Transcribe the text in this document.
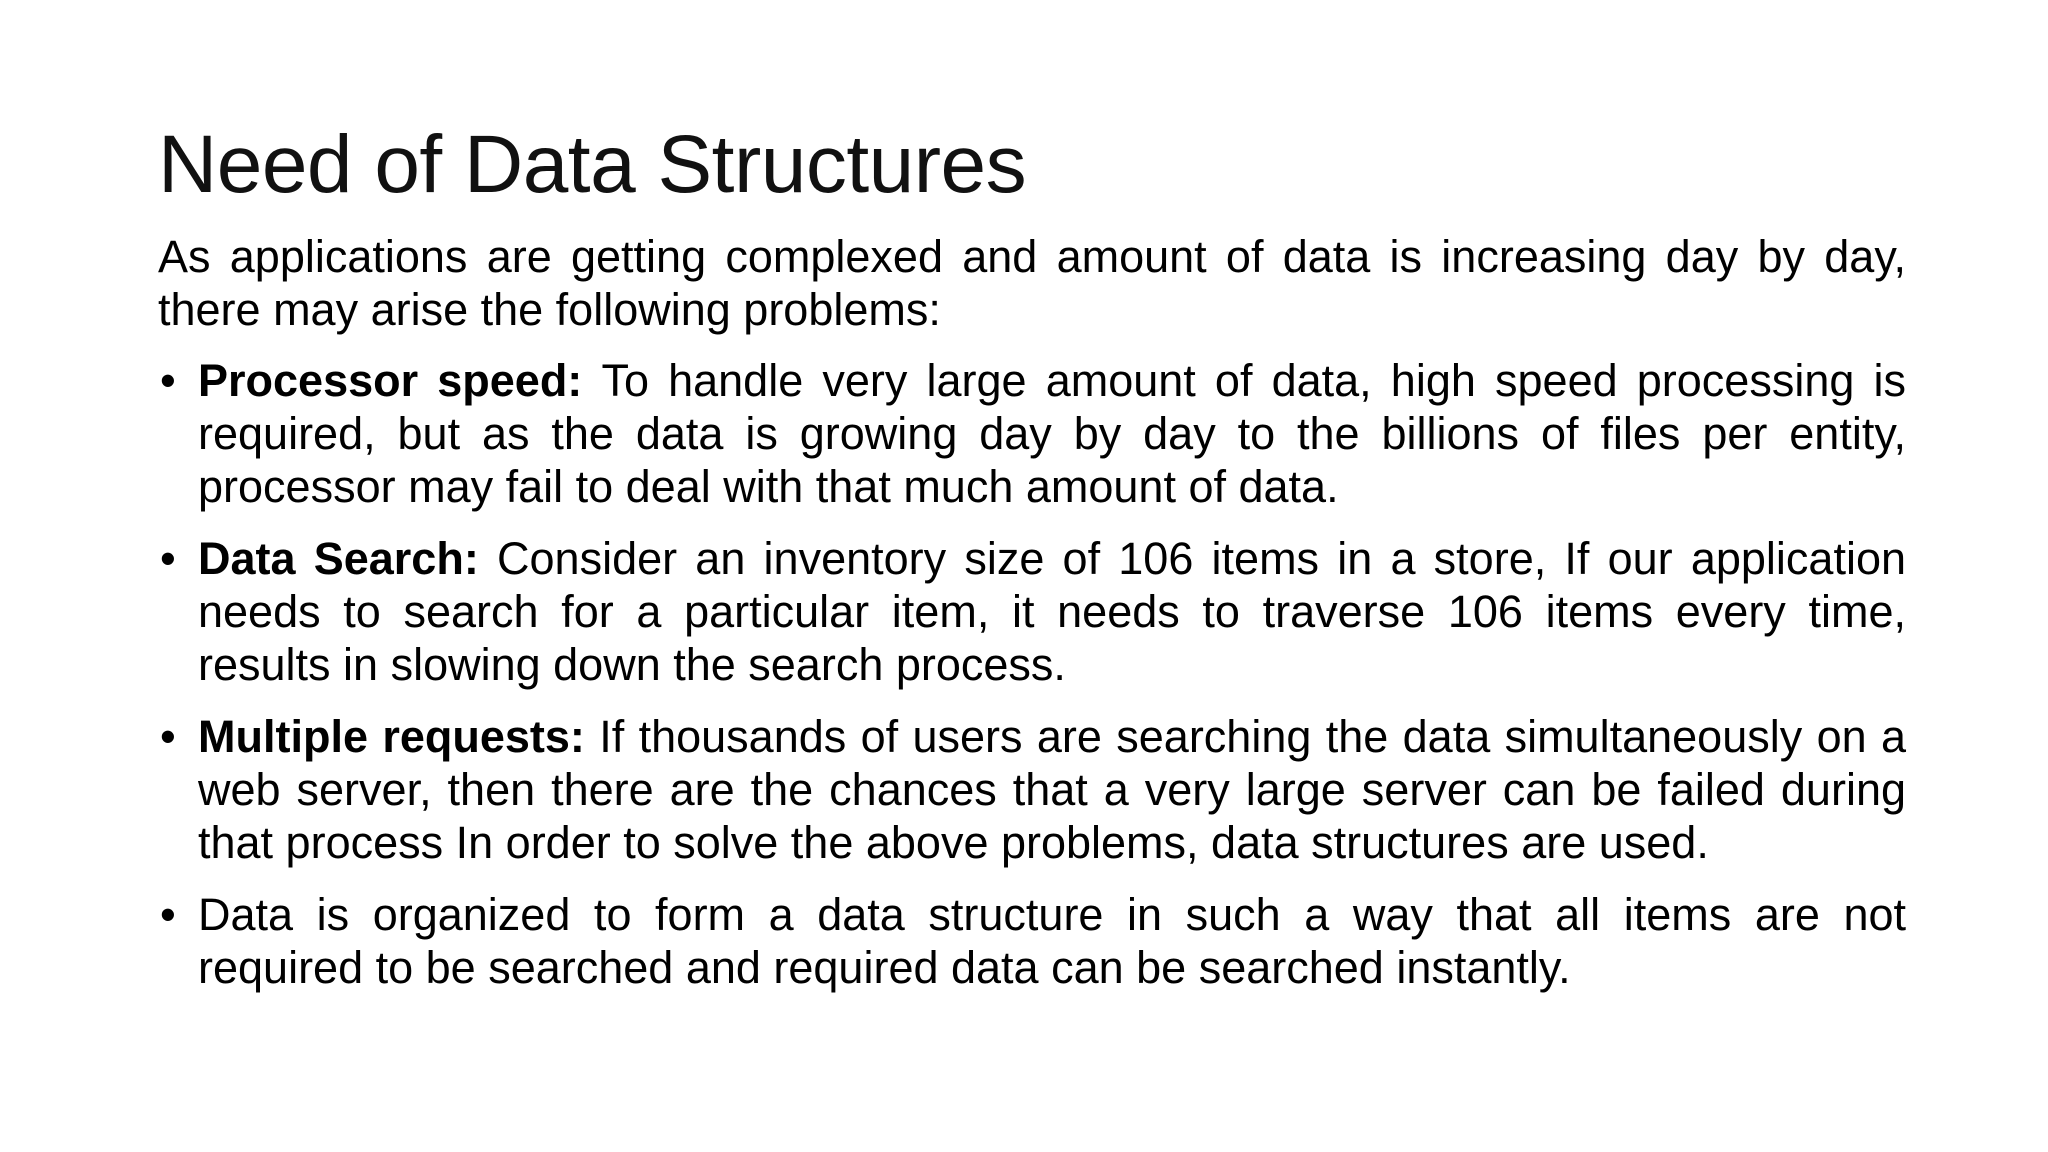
Need of Data Structures

As applications are getting complexed and amount of data is increasing day by day, there may arise the following problems:

• Processor speed: To handle very large amount of data, high speed processing is required, but as the data is growing day by day to the billions of files per entity, processor may fail to deal with that much amount of data.
• Data Search: Consider an inventory size of 106 items in a store, If our application needs to search for a particular item, it needs to traverse 106 items every time, results in slowing down the search process.
• Multiple requests: If thousands of users are searching the data simultaneously on a web server, then there are the chances that a very large server can be failed during that process In order to solve the above problems, data structures are used.
• Data is organized to form a data structure in such a way that all items are not required to be searched and required data can be searched instantly.
